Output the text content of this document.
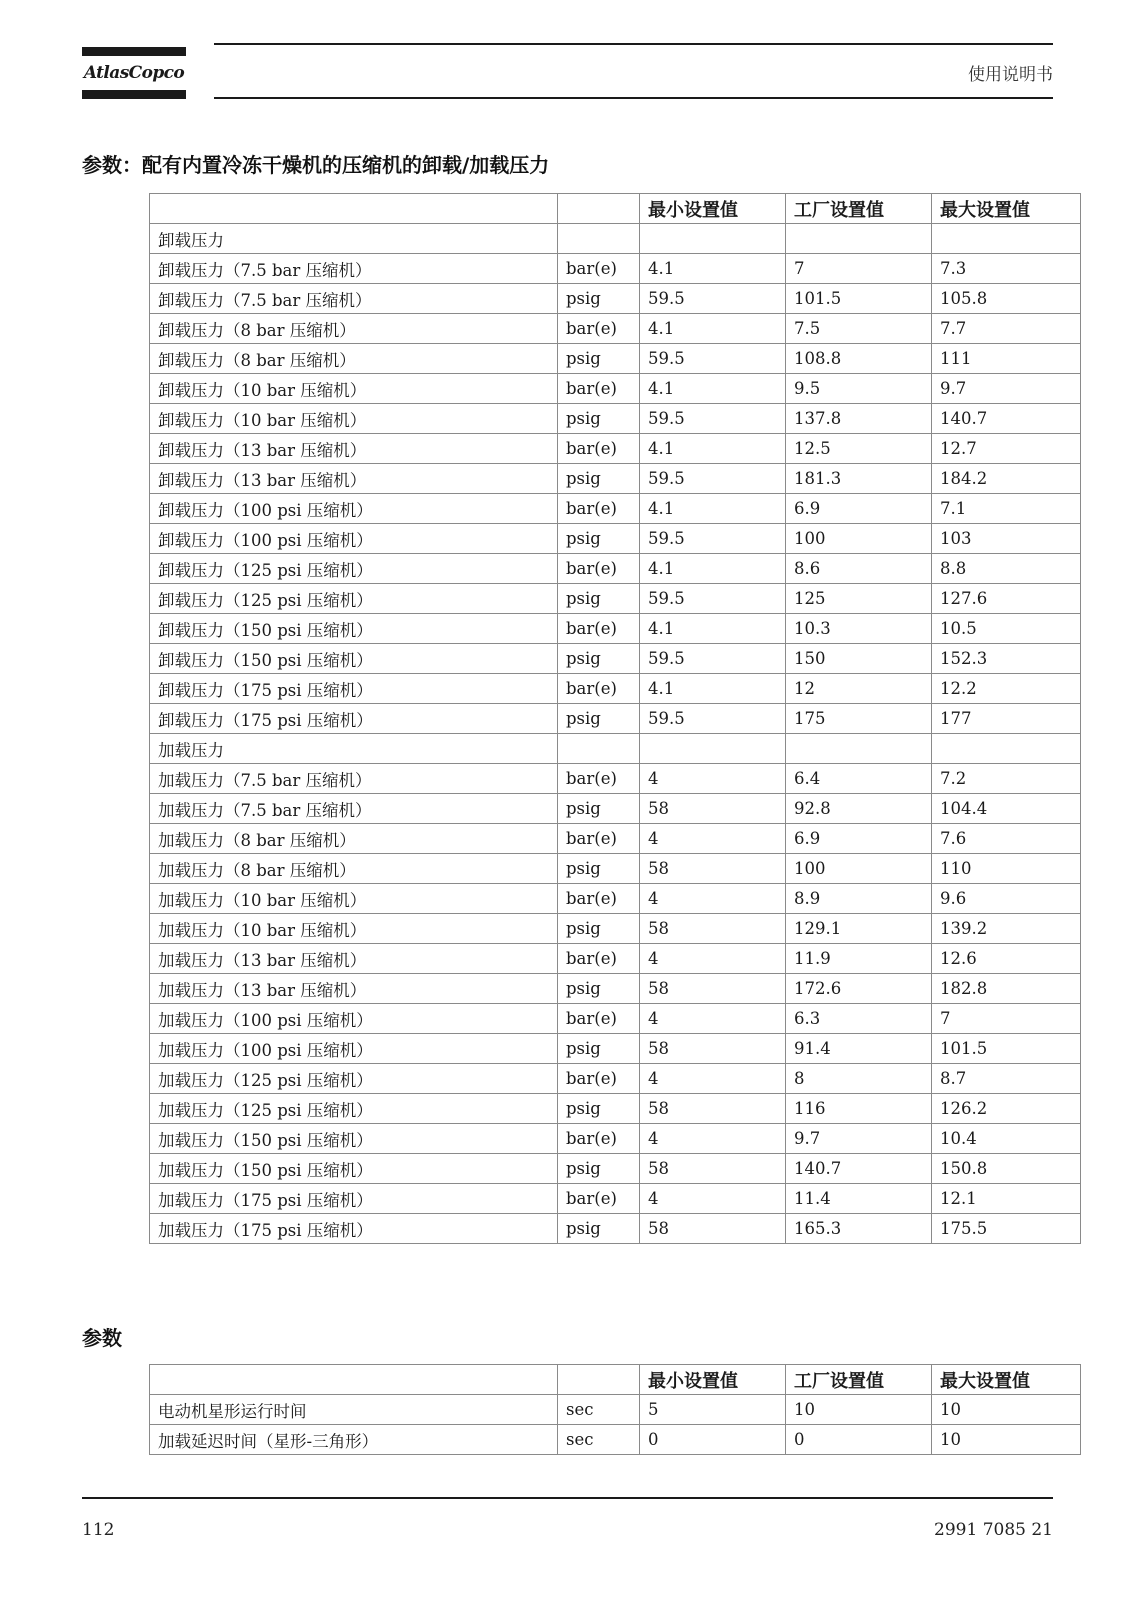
AtlasCopco	使用说明书
参数：配有内置冷冻干燥机的压缩机的卸载/加载压力
		最小设置值	工厂设置值	最大设置值
卸载压力				
卸载压力（7.5 bar 压缩机）	bar(e)	4.1	7	7.3
卸载压力（7.5 bar 压缩机）	psig	59.5	101.5	105.8
卸载压力（8 bar 压缩机）	bar(e)	4.1	7.5	7.7
卸载压力（8 bar 压缩机）	psig	59.5	108.8	111
卸载压力（10 bar 压缩机）	bar(e)	4.1	9.5	9.7
卸载压力（10 bar 压缩机）	psig	59.5	137.8	140.7
卸载压力（13 bar 压缩机）	bar(e)	4.1	12.5	12.7
卸载压力（13 bar 压缩机）	psig	59.5	181.3	184.2
卸载压力（100 psi 压缩机）	bar(e)	4.1	6.9	7.1
卸载压力（100 psi 压缩机）	psig	59.5	100	103
卸载压力（125 psi 压缩机）	bar(e)	4.1	8.6	8.8
卸载压力（125 psi 压缩机）	psig	59.5	125	127.6
卸载压力（150 psi 压缩机）	bar(e)	4.1	10.3	10.5
卸载压力（150 psi 压缩机）	psig	59.5	150	152.3
卸载压力（175 psi 压缩机）	bar(e)	4.1	12	12.2
卸载压力（175 psi 压缩机）	psig	59.5	175	177
加载压力				
加载压力（7.5 bar 压缩机）	bar(e)	4	6.4	7.2
加载压力（7.5 bar 压缩机）	psig	58	92.8	104.4
加载压力（8 bar 压缩机）	bar(e)	4	6.9	7.6
加载压力（8 bar 压缩机）	psig	58	100	110
加载压力（10 bar 压缩机）	bar(e)	4	8.9	9.6
加载压力（10 bar 压缩机）	psig	58	129.1	139.2
加载压力（13 bar 压缩机）	bar(e)	4	11.9	12.6
加载压力（13 bar 压缩机）	psig	58	172.6	182.8
加载压力（100 psi 压缩机）	bar(e)	4	6.3	7
加载压力（100 psi 压缩机）	psig	58	91.4	101.5
加载压力（125 psi 压缩机）	bar(e)	4	8	8.7
加载压力（125 psi 压缩机）	psig	58	116	126.2
加载压力（150 psi 压缩机）	bar(e)	4	9.7	10.4
加载压力（150 psi 压缩机）	psig	58	140.7	150.8
加载压力（175 psi 压缩机）	bar(e)	4	11.4	12.1
加载压力（175 psi 压缩机）	psig	58	165.3	175.5
参数
		最小设置值	工厂设置值	最大设置值
电动机星形运行时间	sec	5	10	10
加载延迟时间（星形-三角形）	sec	0	0	10
112	2991 7085 21
